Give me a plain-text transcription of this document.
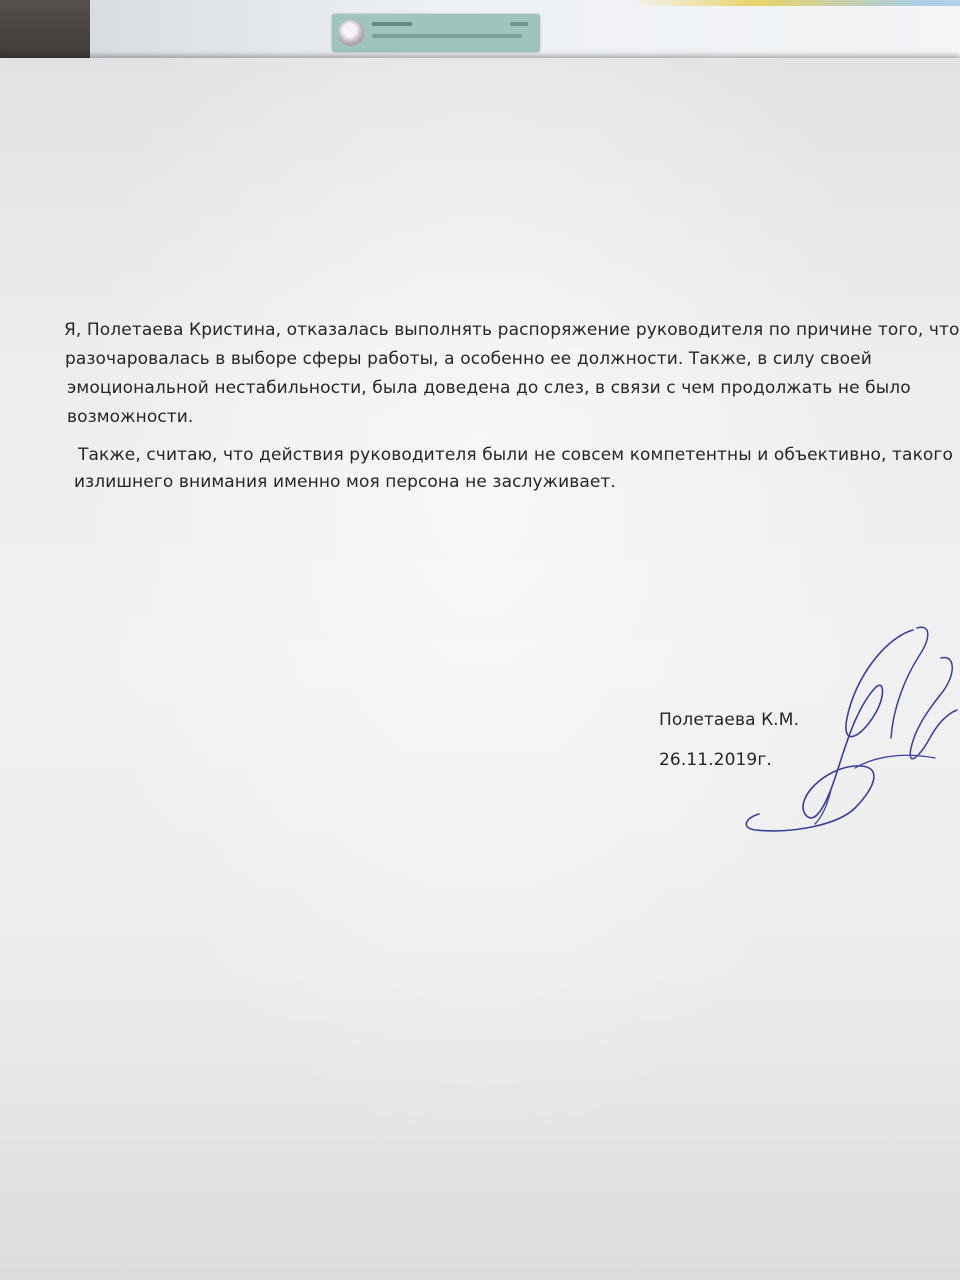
Я, Полетаева Кристина, отказалась выполнять распоряжение руководителя по причине того, что
разочаровалась в выборе сферы работы, а особенно ее должности. Также, в силу своей
эмоциональной нестабильности, была доведена до слез, в связи с чем продолжать не было
возможности.
Также, считаю, что действия руководителя были не совсем компетентны и объективно, такого
излишнего внимания именно моя персона не заслуживает.
Полетаева К.М.
26.11.2019г.
